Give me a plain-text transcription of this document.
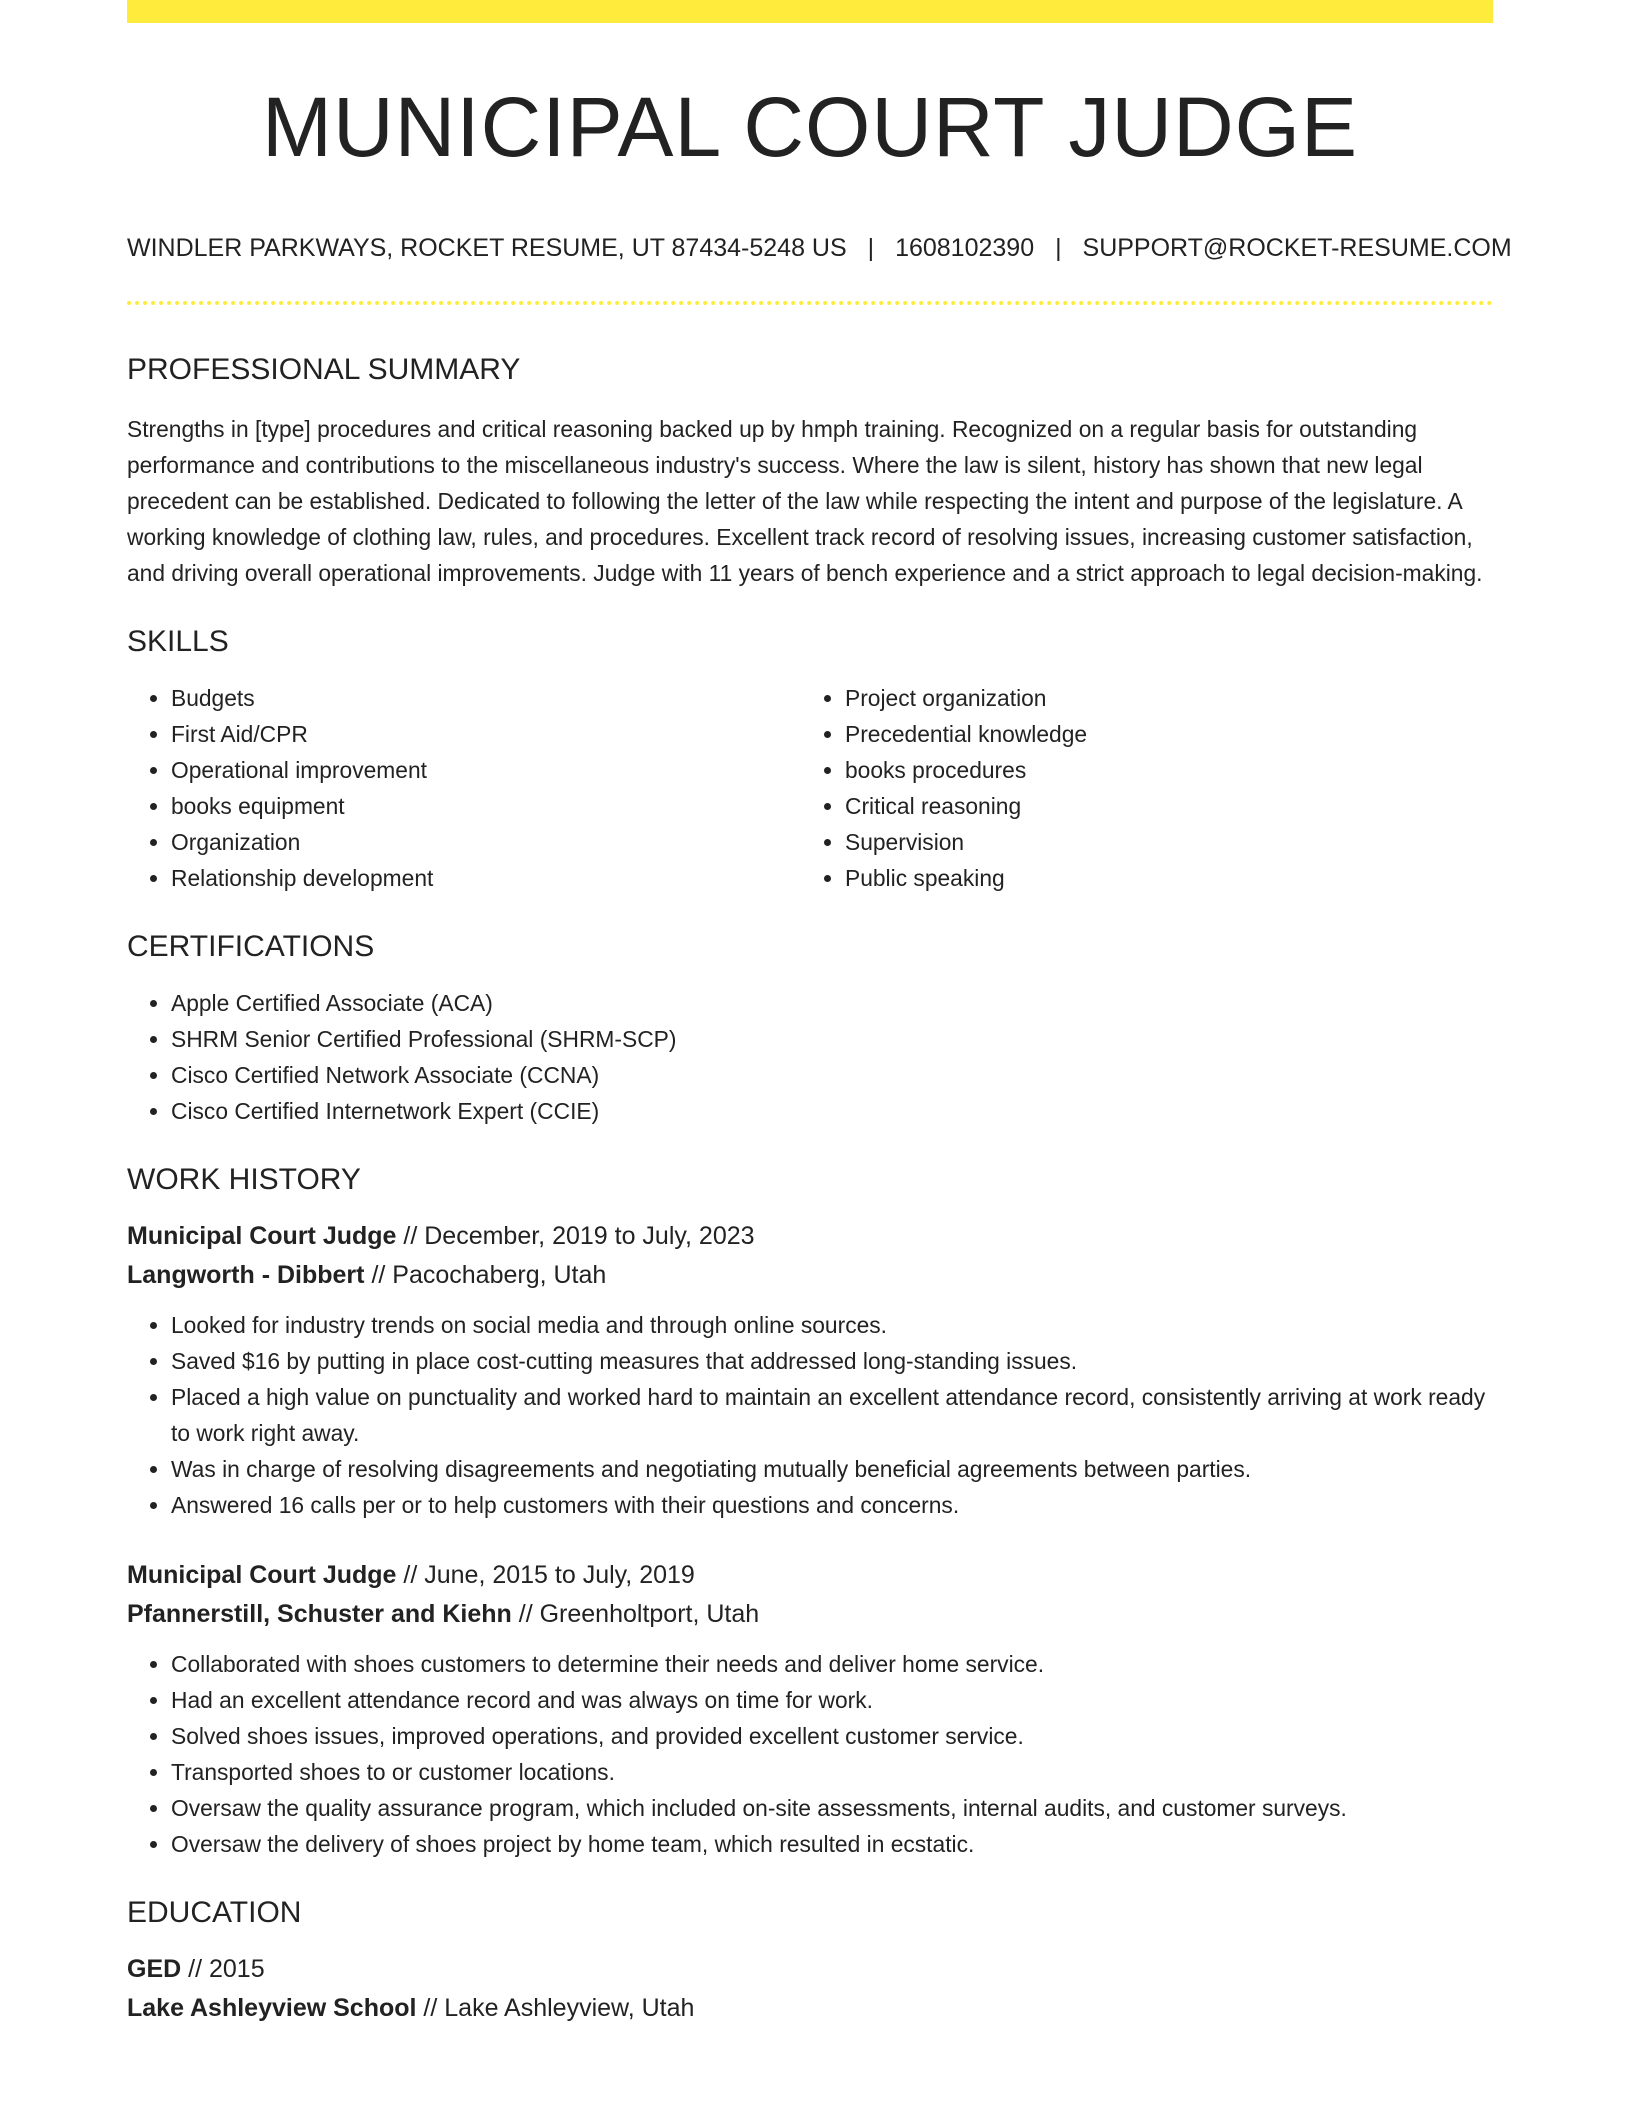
MUNICIPAL COURT JUDGE
WINDLER PARKWAYS, ROCKET RESUME, UT 87434-5248 US | 1608102390 | SUPPORT@ROCKET-RESUME.COM
PROFESSIONAL SUMMARY

Strengths in [type] procedures and critical reasoning backed up by hmph training. Recognized on a regular basis for outstanding performance and contributions to the miscellaneous industry's success. Where the law is silent, history has shown that new legal precedent can be established. Dedicated to following the letter of the law while respecting the intent and purpose of the legislature. A working knowledge of clothing law, rules, and procedures. Excellent track record of resolving issues, increasing customer satisfaction, and driving overall operational improvements. Judge with 11 years of bench experience and a strict approach to legal decision-making.

SKILLS
• Budgets
• First Aid/CPR
• Operational improvement
• books equipment
• Organization
• Relationship development
• Project organization
• Precedential knowledge
• books procedures
• Critical reasoning
• Supervision
• Public speaking
CERTIFICATIONS
• Apple Certified Associate (ACA)
• SHRM Senior Certified Professional (SHRM-SCP)
• Cisco Certified Network Associate (CCNA)
• Cisco Certified Internetwork Expert (CCIE)
WORK HISTORY

Municipal Court Judge // December, 2019 to July, 2023

Langworth - Dibbert // Pacochaberg, Utah

• Looked for industry trends on social media and through online sources.
• Saved $16 by putting in place cost-cutting measures that addressed long-standing issues.
• Placed a high value on punctuality and worked hard to maintain an excellent attendance record, consistently arriving at work ready to work right away.
• Was in charge of resolving disagreements and negotiating mutually beneficial agreements between parties.
• Answered 16 calls per or to help customers with their questions and concerns.

Municipal Court Judge // June, 2015 to July, 2019

Pfannerstill, Schuster and Kiehn // Greenholtport, Utah

• Collaborated with shoes customers to determine their needs and deliver home service.
• Had an excellent attendance record and was always on time for work.
• Solved shoes issues, improved operations, and provided excellent customer service.
• Transported shoes to or customer locations.
• Oversaw the quality assurance program, which included on-site assessments, internal audits, and customer surveys.
• Oversaw the delivery of shoes project by home team, which resulted in ecstatic.
EDUCATION

GED // 2015

Lake Ashleyview School // Lake Ashleyview, Utah
